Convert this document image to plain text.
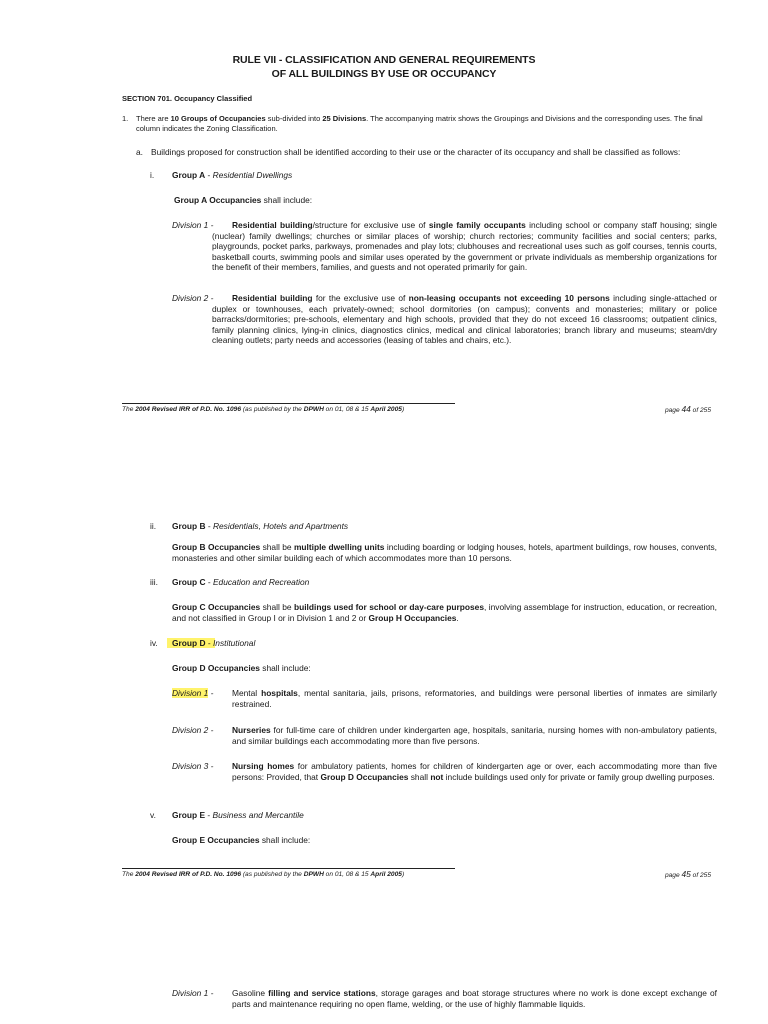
RULE VII - CLASSIFICATION AND GENERAL REQUIREMENTS
OF ALL BUILDINGS BY USE OR OCCUPANCY
SECTION 701. Occupancy Classified
1. There are 10 Groups of Occupancies sub-divided into 25 Divisions. The accompanying matrix shows the Groupings and Divisions and the corresponding uses. The final column indicates the Zoning Classification.
a. Buildings proposed for construction shall be identified according to their use or the character of its occupancy and shall be classified as follows:
i. Group A - Residential Dwellings
Group A Occupancies shall include:
Division 1 -	Residential building/structure for exclusive use of single family occupants including school or company staff housing; single (nuclear) family dwellings; churches or similar places of worship; church rectories; community facilities and social centers; parks, playgrounds, pocket parks, parkways, promenades and play lots; clubhouses and recreational uses such as golf courses, tennis courts, basketball courts, swimming pools and similar uses operated by the government or private individuals as membership organizations for the benefit of their members, families, and guests and not operated primarily for gain.
Division 2 -	Residential building for the exclusive use of non-leasing occupants not exceeding 10 persons including single-attached or duplex or townhouses, each privately-owned; school dormitories (on campus); convents and monasteries; military or police barracks/dormitories; pre-schools, elementary and high schools, provided that they do not exceed 16 classrooms; outpatient clinics, family planning clinics, lying-in clinics, diagnostics clinics, medical and clinical laboratories; branch library and museums; steam/dry cleaning outlets; party needs and accessories (leasing of tables and chairs, etc.).
The 2004 Revised IRR of P.D. No. 1096 (as published by the DPWH on 01, 08 & 15 April 2005)	page 44 of 255
ii. Group B - Residentials, Hotels and Apartments
Group B Occupancies shall be multiple dwelling units including boarding or lodging houses, hotels, apartment buildings, row houses, convents, monasteries and other similar building each of which accommodates more than 10 persons.
iii. Group C - Education and Recreation
Group C Occupancies shall be buildings used for school or day-care purposes, involving assemblage for instruction, education, or recreation, and not classified in Group I or in Division 1 and 2 or Group H Occupancies.
iv.	Group D - Institutional
Group D Occupancies shall include:
Division 1 - Mental hospitals, mental sanitaria, jails, prisons, reformatories, and buildings were personal liberties of inmates are similarly restrained.
Division 2 - Nurseries for full-time care of children under kindergarten age, hospitals, sanitaria, nursing homes with non-ambulatory patients, and similar buildings each accommodating more than five persons.
Division 3 - Nursing homes for ambulatory patients, homes for children of kindergarten age or over, each accommodating more than five persons: Provided, that Group D Occupancies shall not include buildings used only for private or family group dwelling purposes.
v. Group E - Business and Mercantile
Group E Occupancies shall include:
The 2004 Revised IRR of P.D. No. 1096 (as published by the DPWH on 01, 08 & 15 April 2005)	page 45 of 255
Division 1 - Gasoline filling and service stations, storage garages and boat storage structures where no work is done except exchange of parts and maintenance requiring no open flame, welding, or the use of highly flammable liquids.
